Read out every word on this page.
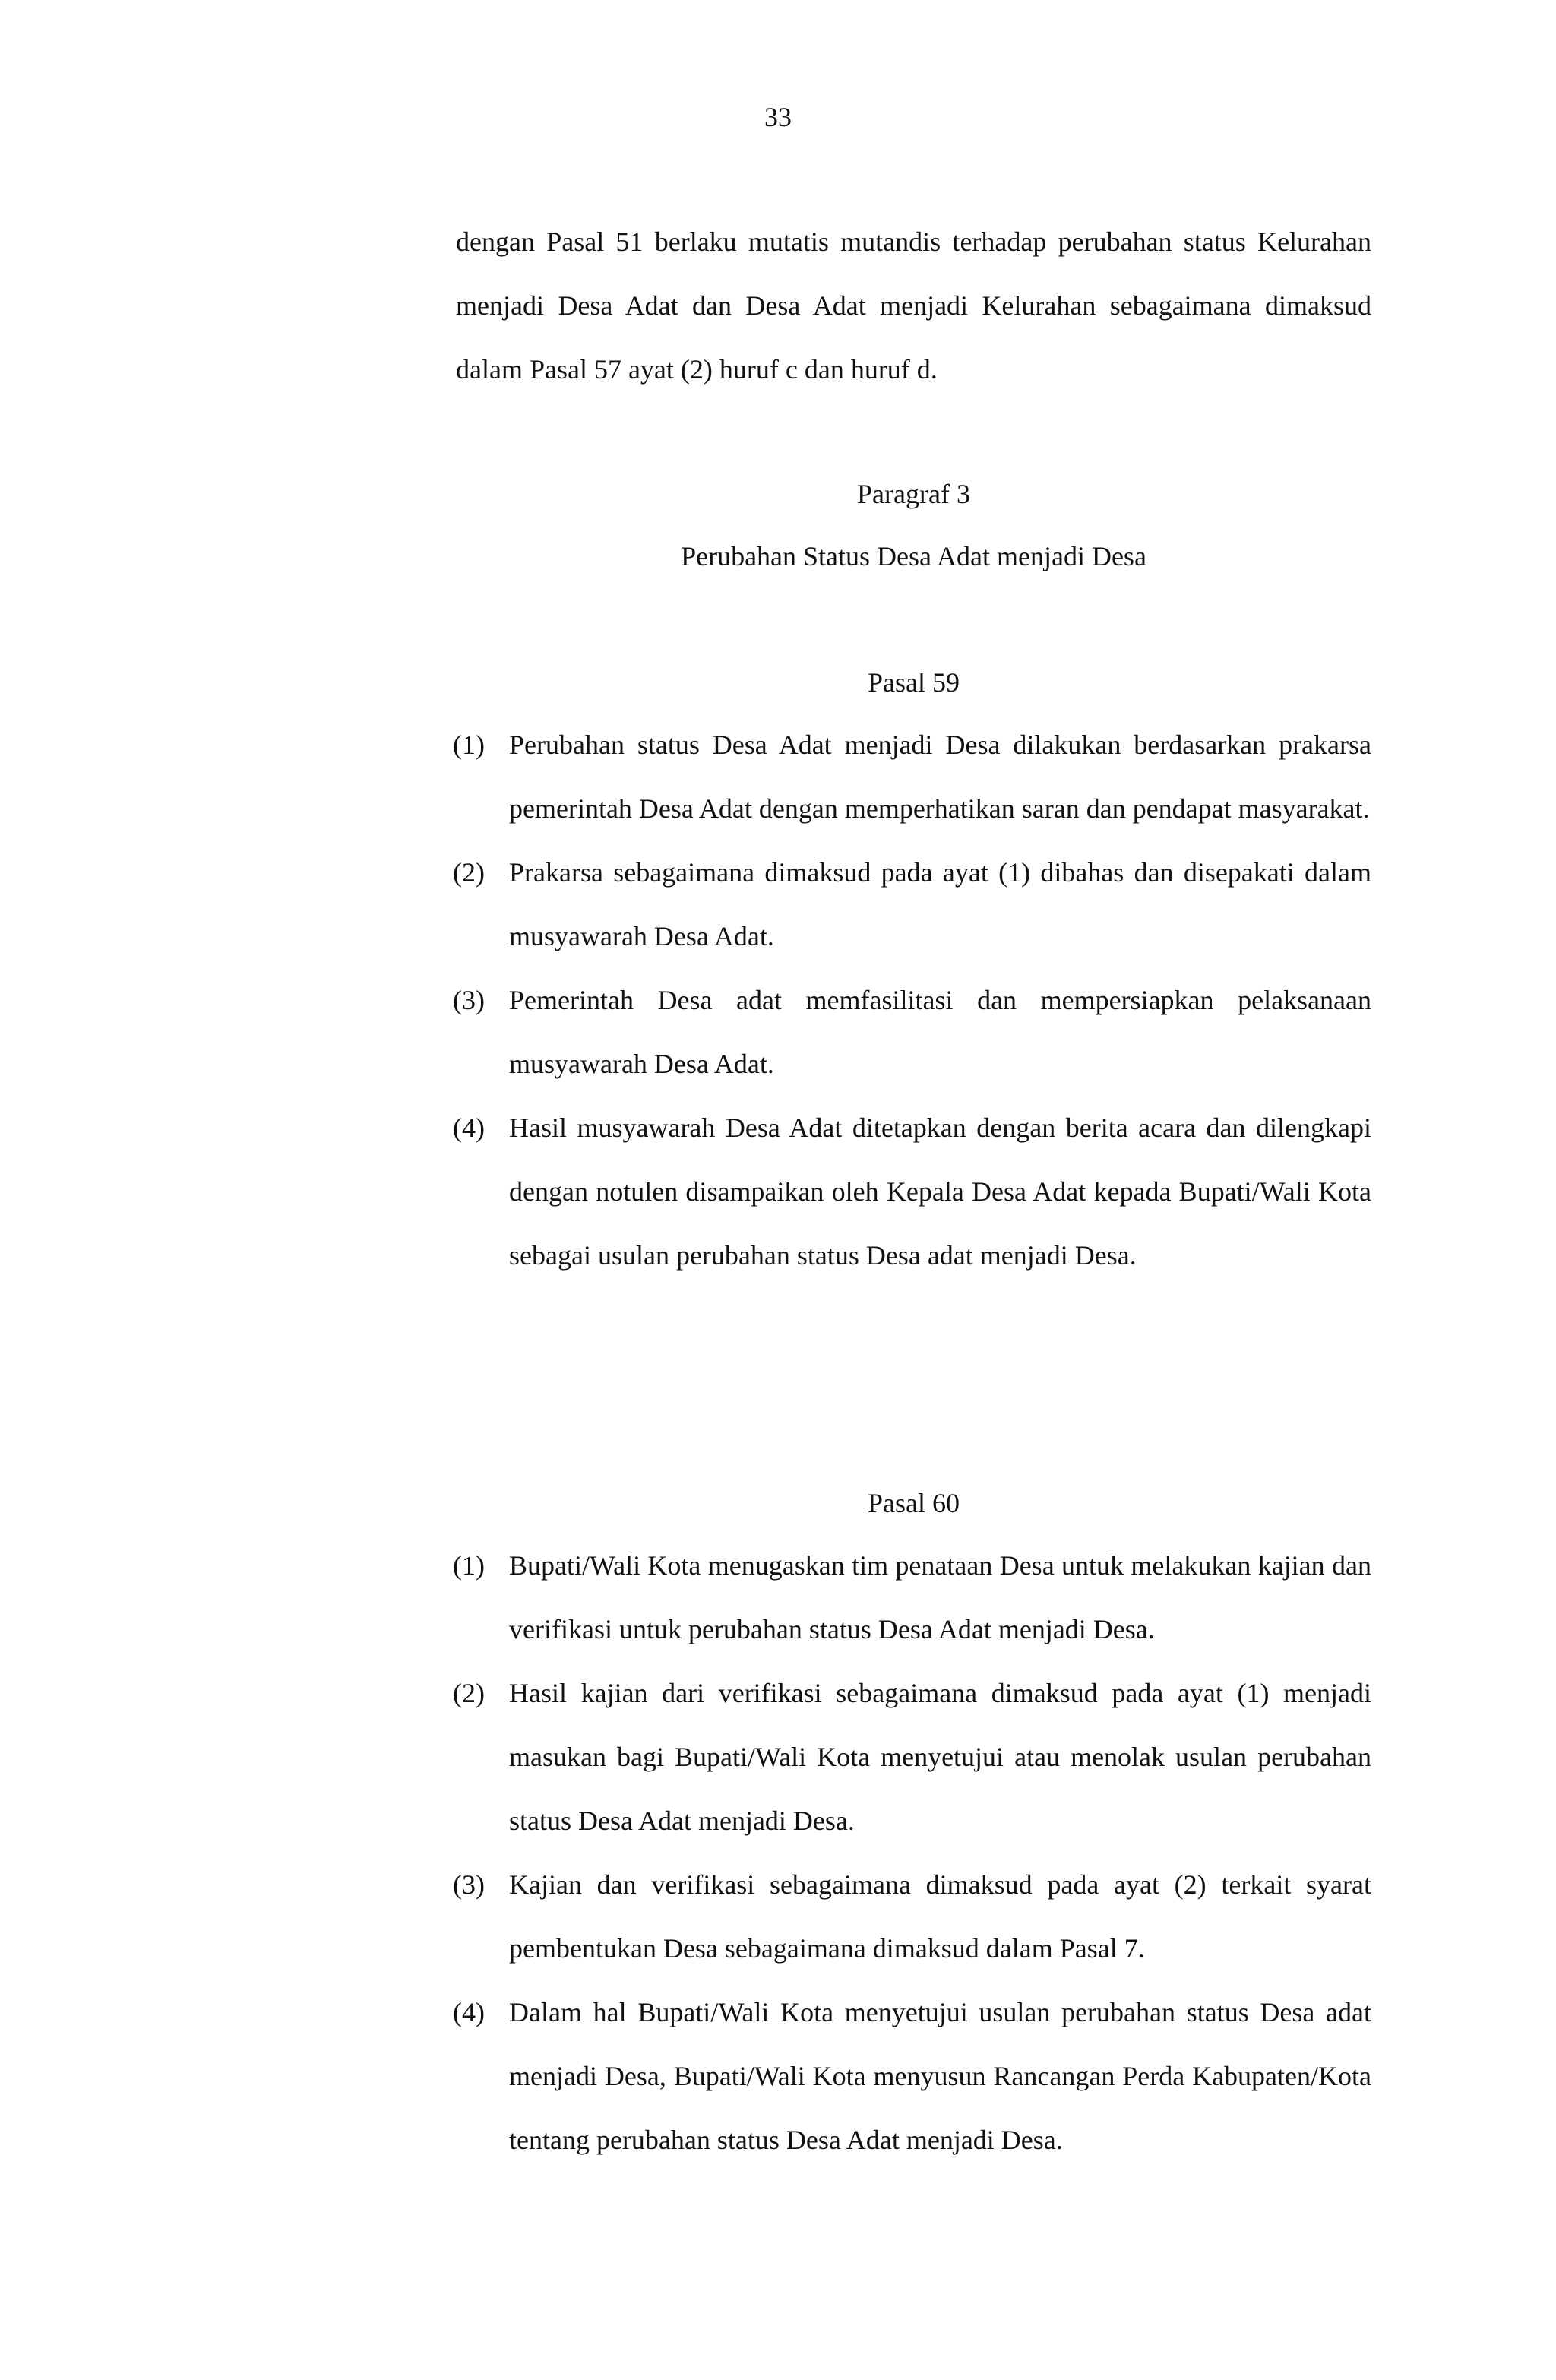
33
dengan Pasal 51 berlaku mutatis mutandis terhadap perubahan status Kelurahan menjadi Desa Adat dan Desa Adat menjadi Kelurahan sebagaimana dimaksud dalam Pasal 57 ayat (2) huruf c dan huruf d.
Paragraf 3
Perubahan Status Desa Adat menjadi Desa
Pasal 59
(1) Perubahan status Desa Adat menjadi Desa dilakukan berdasarkan prakarsa pemerintah Desa Adat dengan memperhatikan saran dan pendapat masyarakat.
(2) Prakarsa sebagaimana dimaksud pada ayat (1) dibahas dan disepakati dalam musyawarah Desa Adat.
(3) Pemerintah Desa adat memfasilitasi dan mempersiapkan pelaksanaan musyawarah Desa Adat.
(4) Hasil musyawarah Desa Adat ditetapkan dengan berita acara dan dilengkapi dengan notulen disampaikan oleh Kepala Desa Adat kepada Bupati/Wali Kota sebagai usulan perubahan status Desa adat menjadi Desa.
Pasal 60
(1) Bupati/Wali Kota menugaskan tim penataan Desa untuk melakukan kajian dan verifikasi untuk perubahan status Desa Adat menjadi Desa.
(2) Hasil kajian dari verifikasi sebagaimana dimaksud pada ayat (1) menjadi masukan bagi Bupati/Wali Kota menyetujui atau menolak usulan perubahan status Desa Adat menjadi Desa.
(3) Kajian dan verifikasi sebagaimana dimaksud pada ayat (2) terkait syarat pembentukan Desa sebagaimana dimaksud dalam Pasal 7.
(4) Dalam hal Bupati/Wali Kota menyetujui usulan perubahan status Desa adat menjadi Desa, Bupati/Wali Kota menyusun Rancangan Perda Kabupaten/Kota tentang perubahan status Desa Adat menjadi Desa.
